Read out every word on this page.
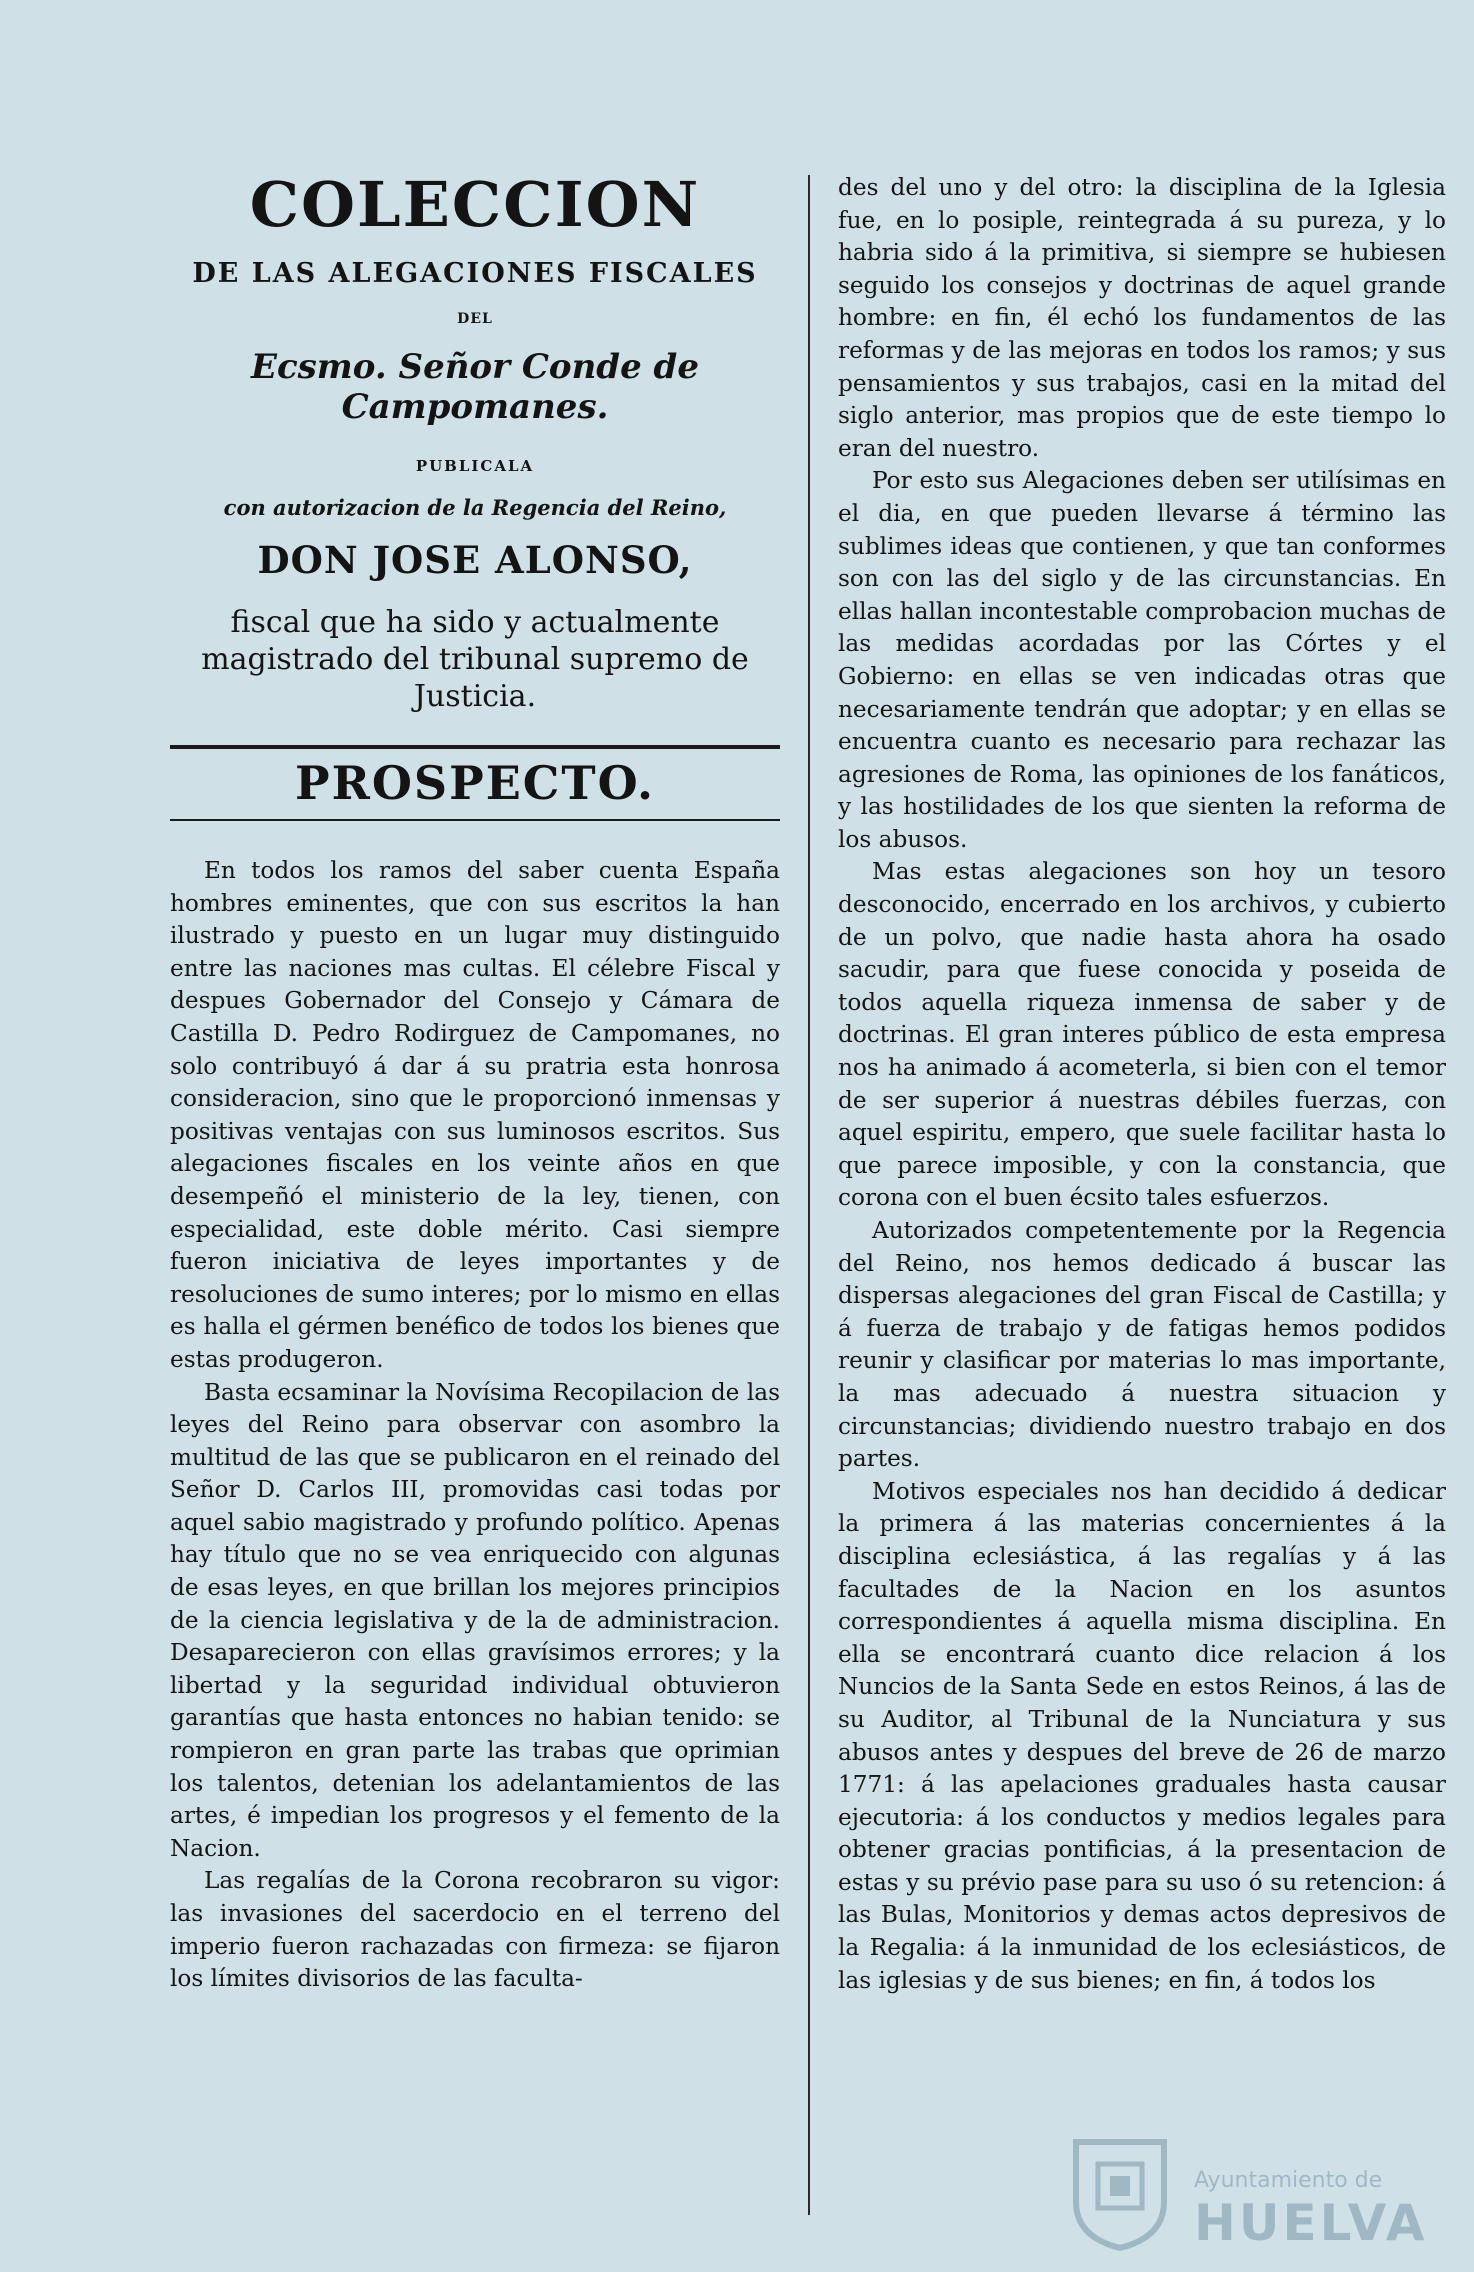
COLECCION
DE LAS ALEGACIONES FISCALES
DEL
Ecsmo. Señor Conde de Campomanes.
PUBLICALA
con autorizacion de la Regencia del Reino,
DON JOSE ALONSO,
fiscal que ha sido y actualmente magistrado del tribunal supremo de Justicia.
PROSPECTO.

En todos los ramos del saber cuenta España hombres eminentes, que con sus escritos la han ilustrado y puesto en un lugar muy distinguido entre las naciones mas cultas. El célebre Fiscal y despues Gobernador del Consejo y Cámara de Castilla D. Pedro Rodirguez de Campomanes, no solo contribuyó á dar á su pratria esta honrosa consideracion, sino que le proporcionó inmensas y positivas ventajas con sus luminosos escritos. Sus alegaciones fiscales en los veinte años en que desempeñó el ministerio de la ley, tienen, con especialidad, este doble mérito. Casi siempre fueron iniciativa de leyes importantes y de resoluciones de sumo interes; por lo mismo en ellas es halla el gérmen benéfico de todos los bienes que estas produgeron.

Basta ecsaminar la Novísima Recopilacion de las leyes del Reino para observar con asombro la multitud de las que se publicaron en el reinado del Señor D. Carlos III, promovidas casi todas por aquel sabio magistrado y profundo político. Apenas hay título que no se vea enriquecido con algunas de esas leyes, en que brillan los mejores principios de la ciencia legislativa y de la de administracion. Desaparecieron con ellas gravísimos errores; y la libertad y la seguridad individual obtuvieron garantías que hasta entonces no habian tenido: se rompieron en gran parte las trabas que oprimian los talentos, detenian los adelantamientos de las artes, é impedian los progresos y el femento de la Nacion.

Las regalías de la Corona recobraron su vigor: las invasiones del sacerdocio en el terreno del imperio fueron rachazadas con firmeza: se fijaron los límites divisorios de las faculta-

des del uno y del otro: la disciplina de la Iglesia fue, en lo posiple, reintegrada á su pureza, y lo habria sido á la primitiva, si siempre se hubiesen seguido los consejos y doctrinas de aquel grande hombre: en fin, él echó los fundamentos de las reformas y de las mejoras en todos los ramos; y sus pensamientos y sus trabajos, casi en la mitad del siglo anterior, mas propios que de este tiempo lo eran del nuestro.

Por esto sus Alegaciones deben ser utilísimas en el dia, en que pueden llevarse á término las sublimes ideas que contienen, y que tan conformes son con las del siglo y de las circunstancias. En ellas hallan incontestable comprobacion muchas de las medidas acordadas por las Córtes y el Gobierno: en ellas se ven indicadas otras que necesariamente tendrán que adoptar; y en ellas se encuentra cuanto es necesario para rechazar las agresiones de Roma, las opiniones de los fanáticos, y las hostilidades de los que sienten la reforma de los abusos.

Mas estas alegaciones son hoy un tesoro desconocido, encerrado en los archivos, y cubierto de un polvo, que nadie hasta ahora ha osado sacudir, para que fuese conocida y poseida de todos aquella riqueza inmensa de saber y de doctrinas. El gran interes público de esta empresa nos ha animado á acometerla, si bien con el temor de ser superior á nuestras débiles fuerzas, con aquel espiritu, empero, que suele facilitar hasta lo que parece imposible, y con la constancia, que corona con el buen écsito tales esfuerzos.

Autorizados competentemente por la Regencia del Reino, nos hemos dedicado á buscar las dispersas alegaciones del gran Fiscal de Castilla; y á fuerza de trabajo y de fatigas hemos podidos reunir y clasificar por materias lo mas importante, la mas adecuado á nuestra situacion y circunstancias; dividiendo nuestro trabajo en dos partes.

Motivos especiales nos han decidido á dedicar la primera á las materias concernientes á la disciplina eclesiástica, á las regalías y á las facultades de la Nacion en los asuntos correspondientes á aquella misma disciplina. En ella se encontrará cuanto dice relacion á los Nuncios de la Santa Sede en estos Reinos, á las de su Auditor, al Tribunal de la Nunciatura y sus abusos antes y despues del breve de 26 de marzo 1771: á las apelaciones graduales hasta causar ejecutoria: á los conductos y medios legales para obtener gracias pontificias, á la presentacion de estas y su prévio pase para su uso ó su retencion: á las Bulas, Monitorios y demas actos depresivos de la Regalia: á la inmunidad de los eclesiásticos, de las iglesias y de sus bienes; en fin, á todos los

Ayuntamiento de
HUELVA
